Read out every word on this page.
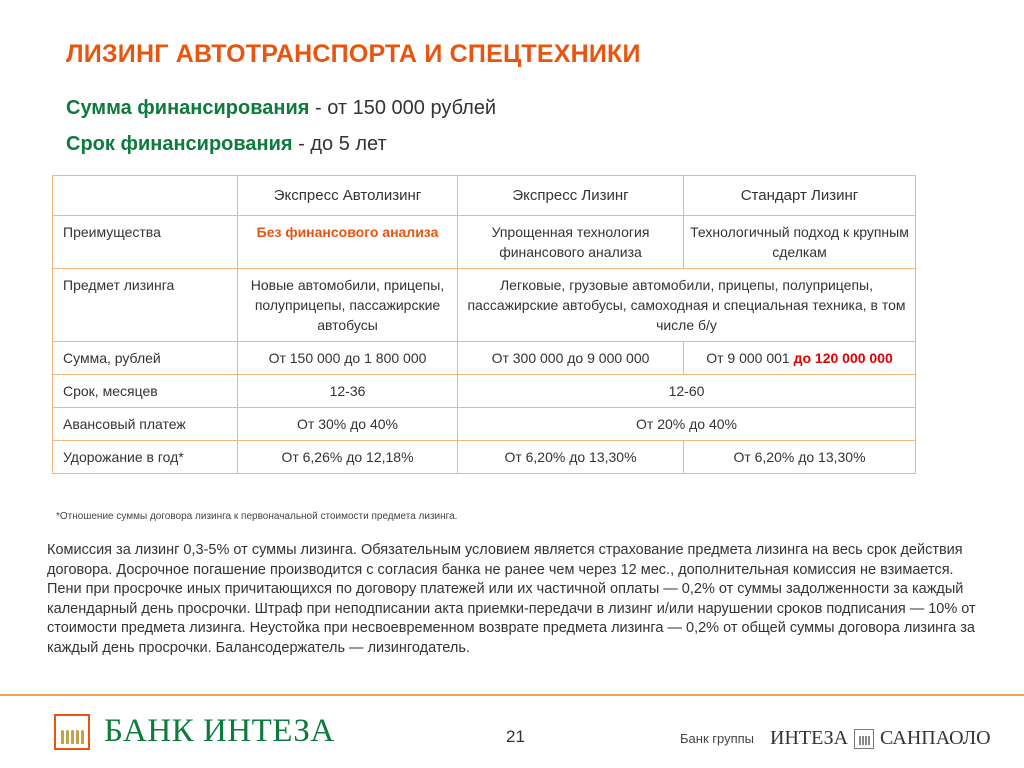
ЛИЗИНГ АВТОТРАНСПОРТА И СПЕЦТЕХНИКИ
Сумма финансирования - от 150 000 рублей
Срок финансирования - до 5 лет
	Экспресс Автолизинг	Экспресс Лизинг	Стандарт Лизинг
Преимущества	Без финансового анализа	Упрощенная технология финансового анализа	Технологичный подход к крупным сделкам
Предмет лизинга	Новые автомобили, прицепы, полуприцепы, пассажирские автобусы	Легковые, грузовые автомобили, прицепы, полуприцепы, пассажирские автобусы, самоходная и специальная техника, в том числе б/у	
Сумма, рублей	От 150 000 до 1 800 000	От 300 000 до 9 000 000	От 9 000 001 до 120 000 000
Срок, месяцев	12-36	12-60	
Авансовый платеж	От 30% до 40%	От 20% до 40%	
Удорожание в год*	От 6,26% до 12,18%	От 6,20% до 13,30%	От 6,20% до 13,30%
*Отношение суммы договора лизинга к первоначальной стоимости предмета лизинга.

Комиссия за лизинг 0,3-5% от суммы лизинга. Обязательным условием является страхование предмета лизинга на весь срок действия договора. Досрочное погашение производится с согласия банка не ранее чем через 12 мес., дополнительная комиссия не взимается. Пени при просрочке иных причитающихся по договору платежей или их частичной оплаты — 0,2% от суммы задолженности за каждый календарный день просрочки. Штраф при неподписании акта приемки-передачи в лизинг и/или нарушении сроков подписания — 10% от стоимости предмета лизинга. Неустойка при несвоевременном возврате предмета лизинга — 0,2% от общей суммы договора лизинга за каждый день просрочки. Балансодержатель — лизингодатель.

БАНК ИНТЕЗА	21	Банк группы ИНТЕЗА САНПАОЛО
